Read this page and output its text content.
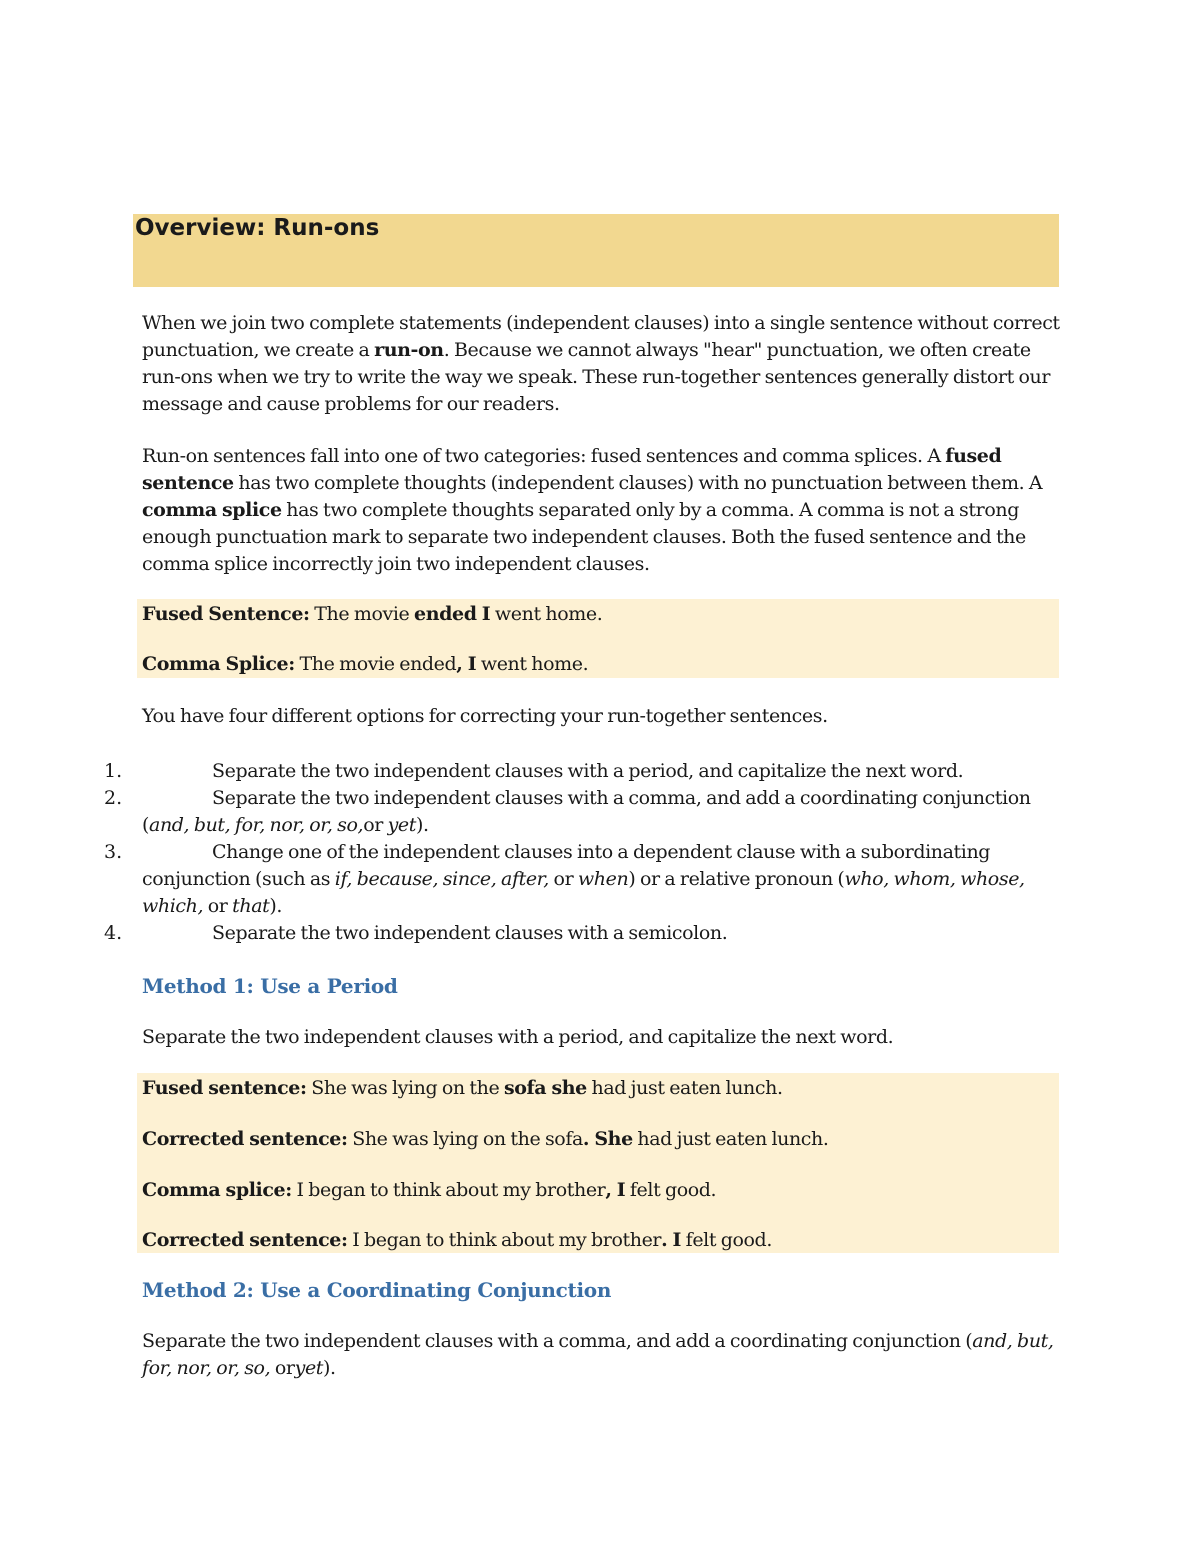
Overview: Run-ons
When we join two complete statements (independent clauses) into a single sentence without correct punctuation, we create a run-on. Because we cannot always "hear" punctuation, we often create run-ons when we try to write the way we speak. These run-together sentences generally distort our message and cause problems for our readers.
Run-on sentences fall into one of two categories: fused sentences and comma splices. A fused sentence has two complete thoughts (independent clauses) with no punctuation between them. A comma splice has two complete thoughts separated only by a comma. A comma is not a strong enough punctuation mark to separate two independent clauses. Both the fused sentence and the comma splice incorrectly join two independent clauses.
Fused Sentence: The movie ended I went home.
Comma Splice: The movie ended, I went home.
You have four different options for correcting your run-together sentences.
1.	Separate the two independent clauses with a period, and capitalize the next word.
2.	Separate the two independent clauses with a comma, and add a coordinating conjunction (and, but, for, nor, or, so,or yet).
3.	Change one of the independent clauses into a dependent clause with a subordinating conjunction (such as if, because, since, after, or when) or a relative pronoun (who, whom, whose, which, or that).
4.	Separate the two independent clauses with a semicolon.
Method 1: Use a Period
Separate the two independent clauses with a period, and capitalize the next word.
Fused sentence: She was lying on the sofa she had just eaten lunch.
Corrected sentence: She was lying on the sofa. She had just eaten lunch.
Comma splice: I began to think about my brother, I felt good.
Corrected sentence: I began to think about my brother. I felt good.
Method 2: Use a Coordinating Conjunction
Separate the two independent clauses with a comma, and add a coordinating conjunction (and, but, for, nor, or, so, oryet).
